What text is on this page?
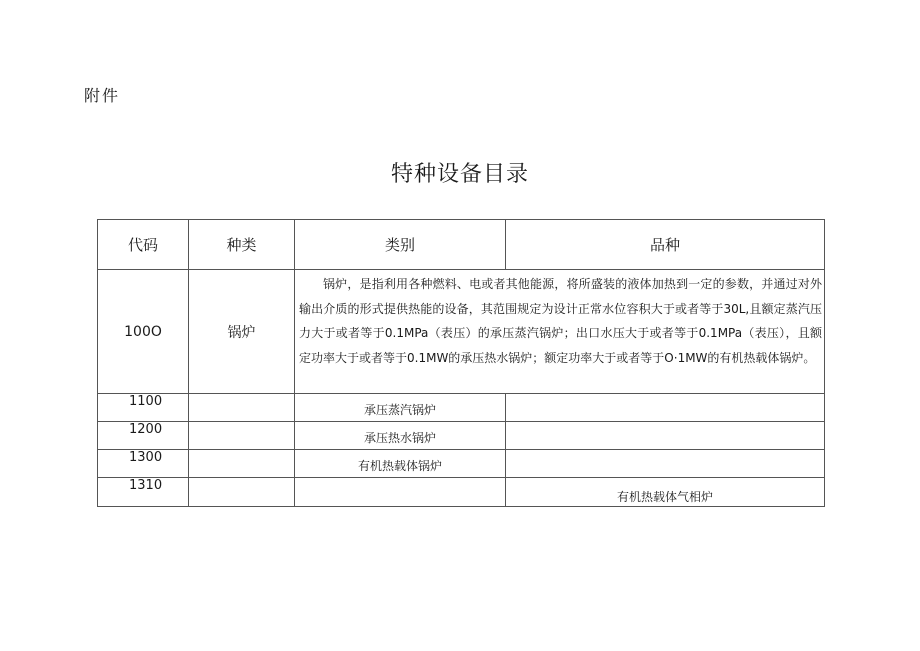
附件
特种设备目录
代码	种类	类别	品种
100O	锅炉	锅炉，是指利用各种燃料、电或者其他能源，将所盛装的液体加热到一定的参数，并通过对外输出介质的形式提供热能的设备，其范围规定为设计正常水位容积大于或者等于30L,且额定蒸汽压力大于或者等于0.1MPa（表压）的承压蒸汽锅炉；出口水压大于或者等于0.1MPa（表压），且额定功率大于或者等于0.1MW的承压热水锅炉；额定功率大于或者等于O·1MW的有机热载体锅炉。	
1100		承压蒸汽锅炉	
1200		承压热水锅炉	
1300		有机热载体锅炉	
1310			有机热载体气相炉
